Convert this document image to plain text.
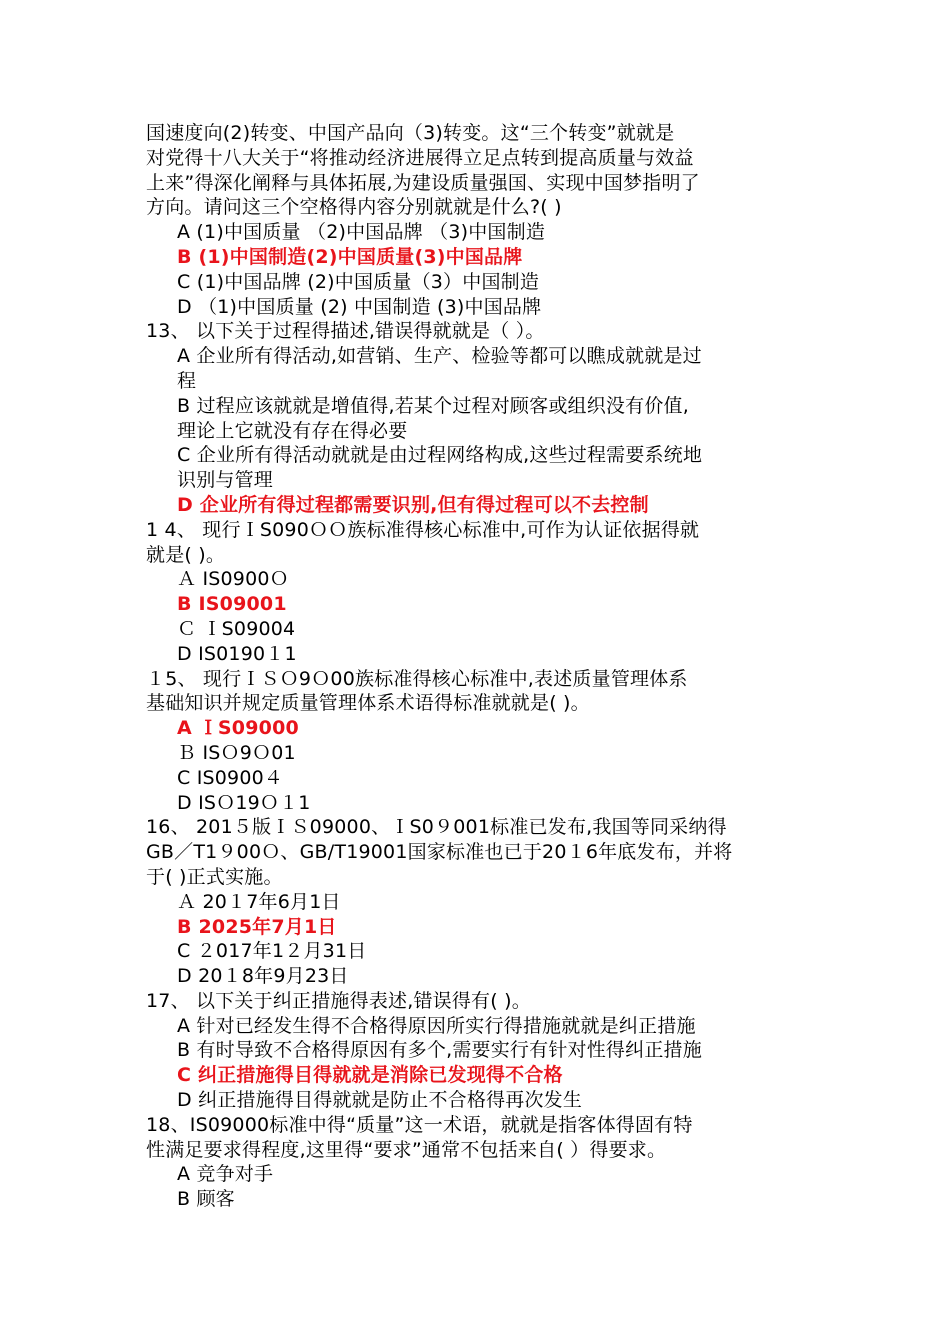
国速度向(2)转变、中国产品向（3)转变。这“三个转变”就就是
对党得十八大关于“将推动经济进展得立足点转到提高质量与效益
上来”得深化阐释与具体拓展,为建设质量强国、实现中国梦指明了
方向。请问这三个空格得内容分别就就是什么?( )
A (1)中国质量 （2)中国品牌 （3)中国制造
B (1)中国制造(2)中国质量(3)中国品牌
C (1)中国品牌 (2)中国质量（3）中国制造
D （1)中国质量 (2) 中国制造 (3)中国品牌
13、 以下关于过程得描述,错误得就就是（ ）。
A 企业所有得活动,如营销、生产、检验等都可以瞧成就就是过
程
B 过程应该就就是增值得,若某个过程对顾客或组织没有价值,
理论上它就没有存在得必要
C 企业所有得活动就就是由过程网络构成,这些过程需要系统地
识别与管理
D 企业所有得过程都需要识别,但有得过程可以不去控制
1 4、 现行ＩS090ＯＯ族标准得核心标准中,可作为认证依据得就
就是( )。
Ａ IS0900Ｏ
B IS09001
Ｃ ＩS09004
D IS0190１1
１5、 现行ＩＳＯ9Ｏ00族标准得核心标准中,表述质量管理体系
基础知识并规定质量管理体系术语得标准就就是( )。
A ＩS09000
Ｂ ISＯ9Ｏ01
C IS0900４
D ISＯ19Ｏ１1
16、 201５版ＩＳ09000、ＩS0９001标准已发布,我国等同采纳得
GB／T1９00Ｏ、GB/T19001国家标准也已于20１6年底发布，并将
于( )正式实施。
Ａ 20１7年6月1日
B 2025年7月1日
C ２017年1２月31日
D 20１8年9月23日
17、 以下关于纠正措施得表述,错误得有( )。
A 针对已经发生得不合格得原因所实行得措施就就是纠正措施
B 有时导致不合格得原因有多个,需要实行有针对性得纠正措施
C 纠正措施得目得就就是消除已发现得不合格
D 纠正措施得目得就就是防止不合格得再次发生
18、IS09000标准中得“质量”这一术语，就就是指客体得固有特
性满足要求得程度,这里得“要求”通常不包括来自( ）得要求。
A 竞争对手
B 顾客
